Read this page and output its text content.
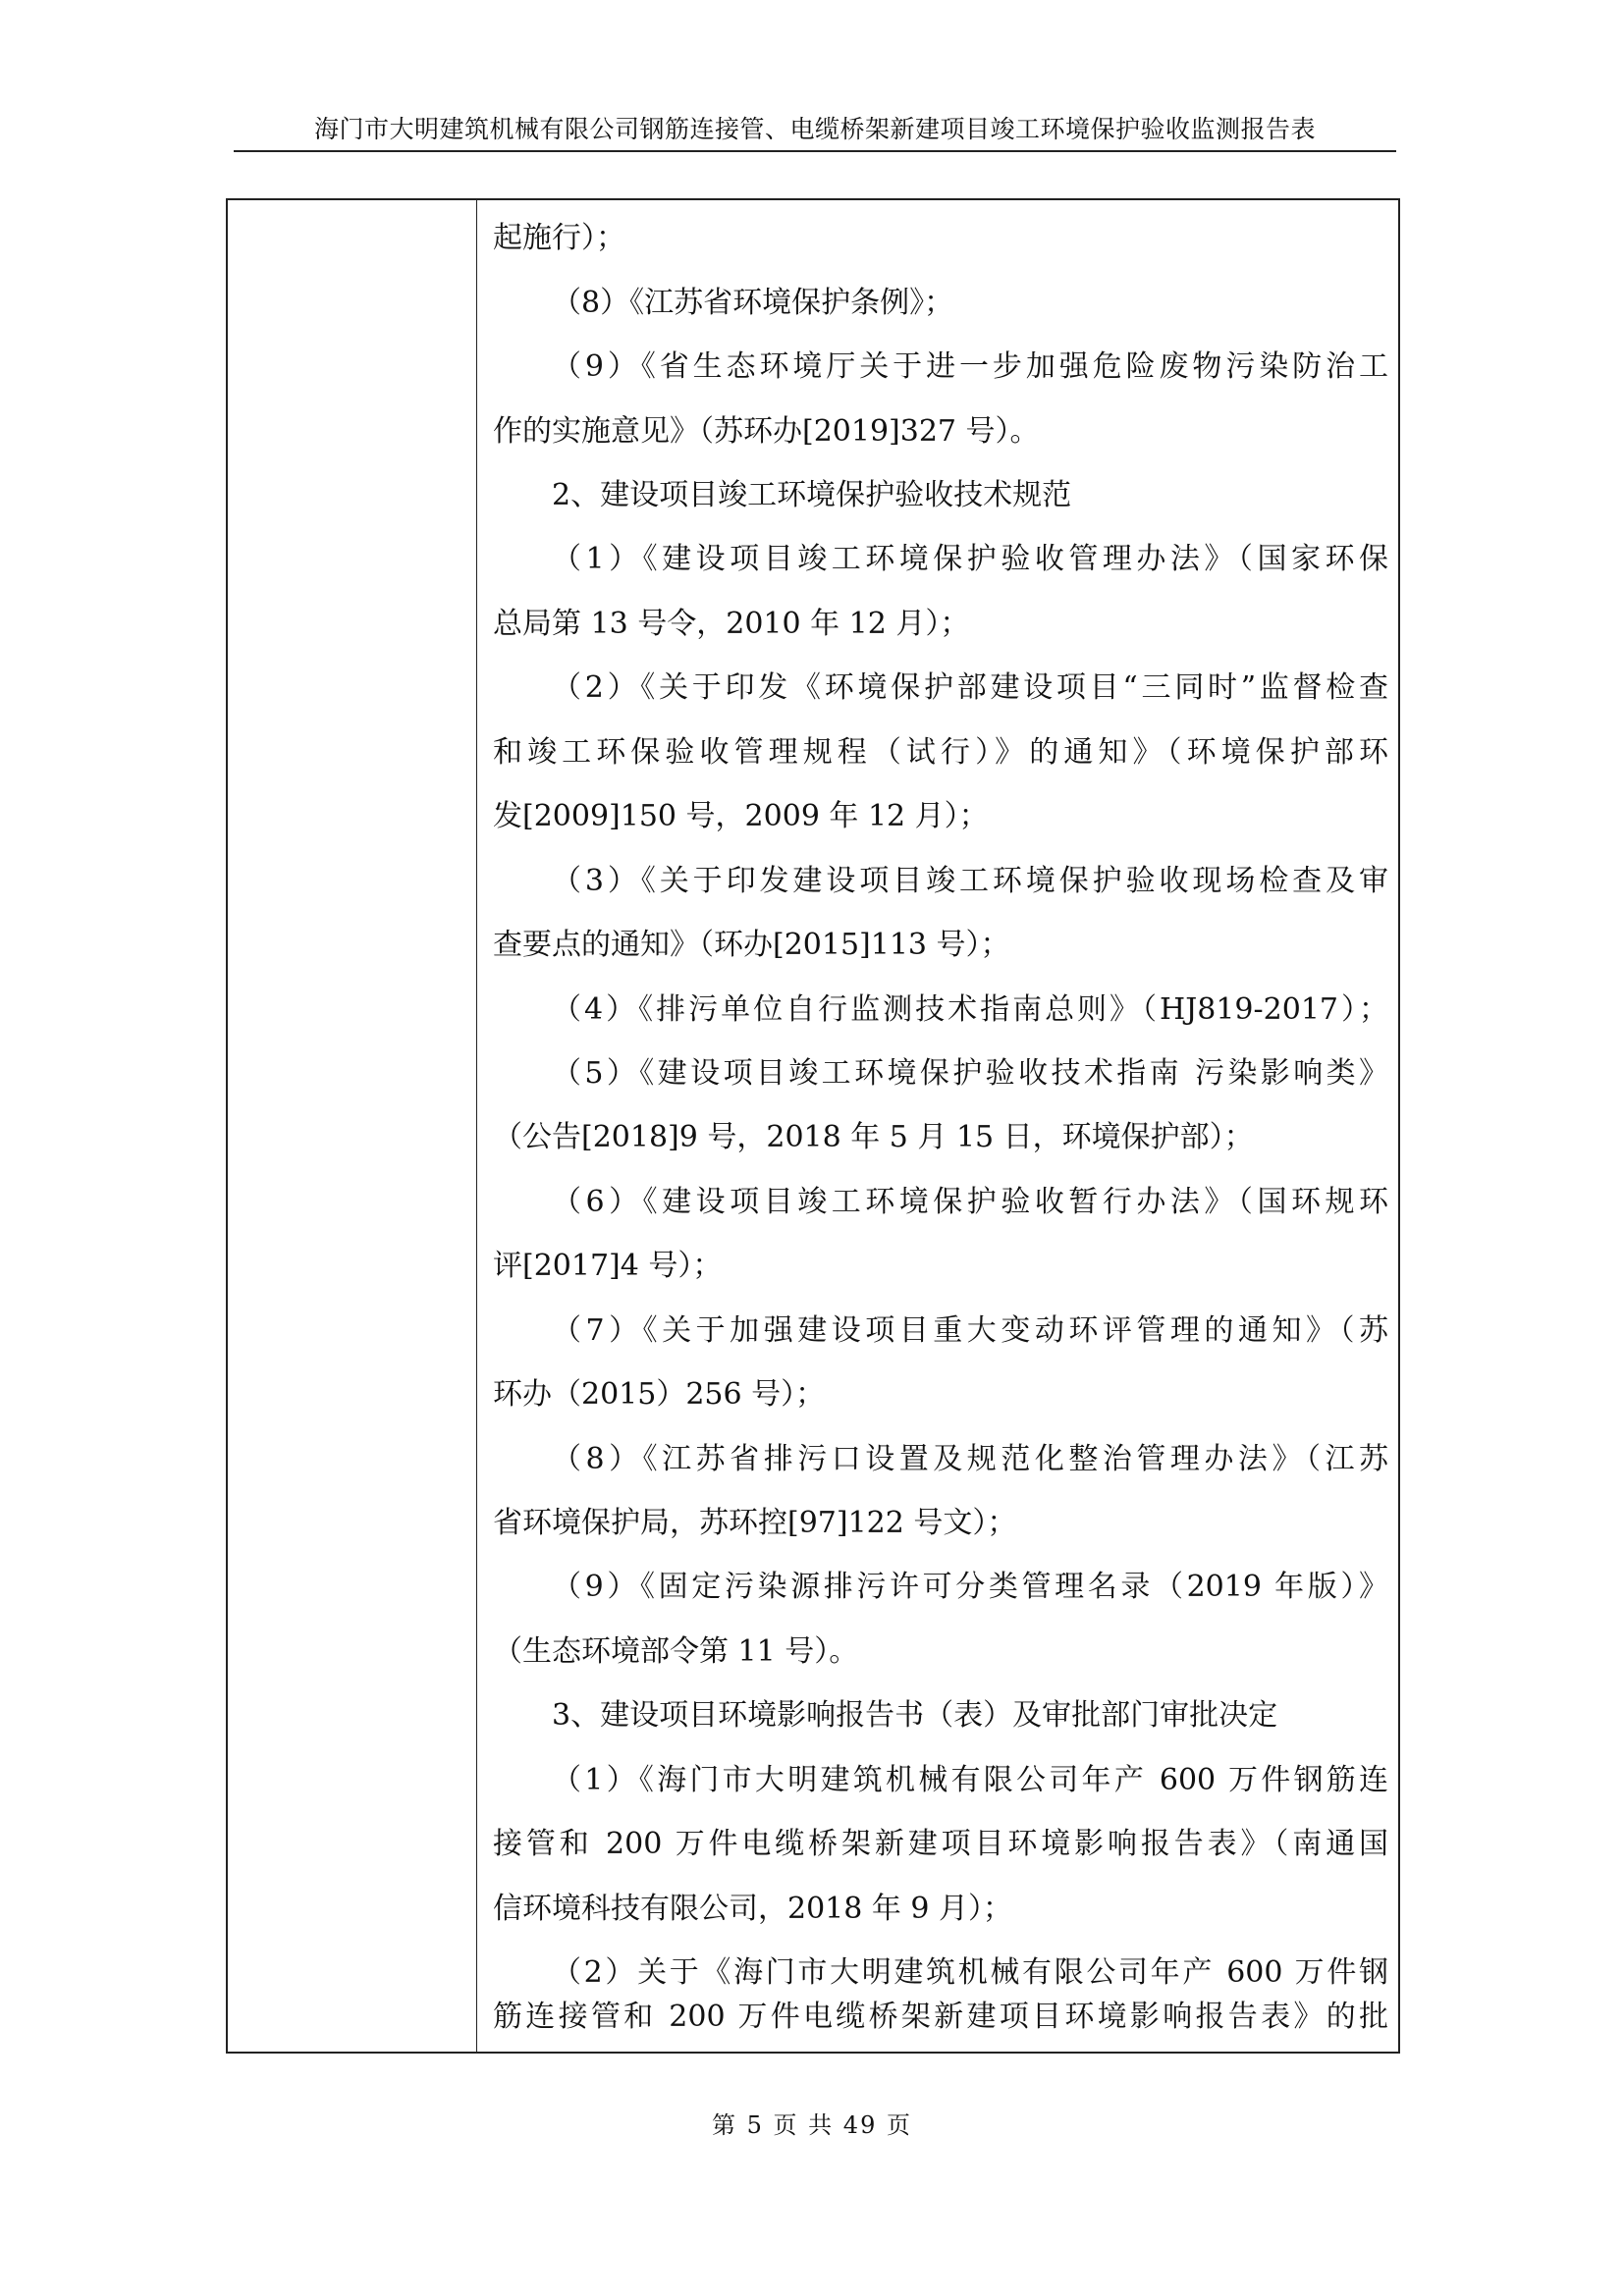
海门市大明建筑机械有限公司钢筋连接管、电缆桥架新建项目竣工环境保护验收监测报告表
起施行）；
（8）《江苏省环境保护条例》；
（9）《省生态环境厅关于进一步加强危险废物污染防治工
作的实施意见》（苏环办[2019]327 号）。
2、建设项目竣工环境保护验收技术规范
（1）《建设项目竣工环境保护验收管理办法》（国家环保
总局第 13 号令，2010 年 12 月）；
（2）《关于印发《环境保护部建设项目“三同时”监督检查
和竣工环保验收管理规程（试行）》的通知》（环境保护部环
发[2009]150 号，2009 年 12 月）；
（3）《关于印发建设项目竣工环境保护验收现场检查及审
查要点的通知》（环办[2015]113 号）；
（4）《排污单位自行监测技术指南总则》（HJ819-2017）；
（5）《建设项目竣工环境保护验收技术指南 污染影响类》
（公告[2018]9 号，2018 年 5 月 15 日，环境保护部）；
（6）《建设项目竣工环境保护验收暂行办法》（国环规环
评[2017]4 号）；
（7）《关于加强建设项目重大变动环评管理的通知》（苏
环办（2015）256 号）；
（8）《江苏省排污口设置及规范化整治管理办法》（江苏
省环境保护局，苏环控[97]122 号文）；
（9）《固定污染源排污许可分类管理名录（2019 年版）》
（生态环境部令第 11 号）。
3、建设项目环境影响报告书（表）及审批部门审批决定
（1）《海门市大明建筑机械有限公司年产 600 万件钢筋连
接管和 200 万件电缆桥架新建项目环境影响报告表》（南通国
信环境科技有限公司，2018 年 9 月）；
（2）关于《海门市大明建筑机械有限公司年产 600 万件钢
筋连接管和 200 万件电缆桥架新建项目环境影响报告表》的批
第 5 页 共 49 页
